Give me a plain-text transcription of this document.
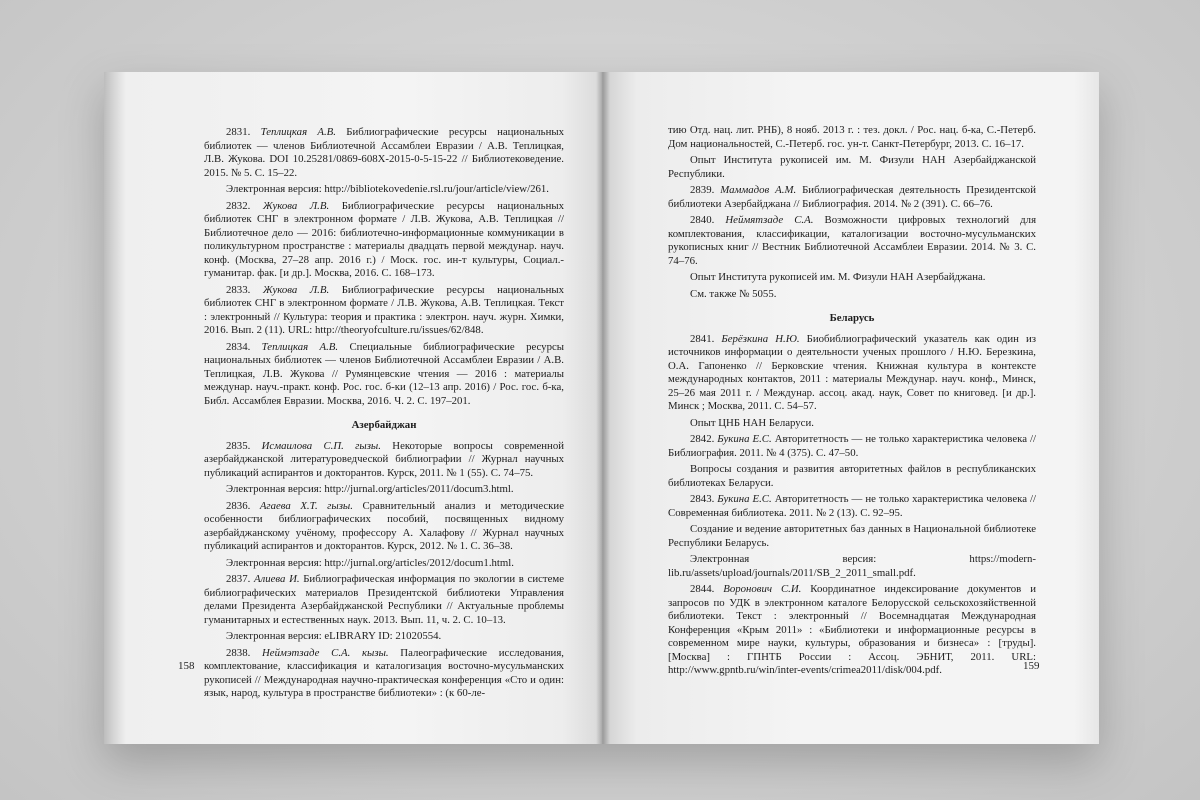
2831. Теплицкая А.В. Библиографические ресурсы национальных библиотек — членов Библиотечной Ассамблеи Евразии / А.В. Теплицкая, Л.В. Жукова. DOI 10.25281/0869-608X-2015-0-5-15-22 // Библиотековедение. 2015. № 5. С. 15–22.

Электронная версия: http://bibliotekovedenie.rsl.ru/jour/article/view/261.

2832. Жукова Л.В. Библиографические ресурсы национальных библиотек СНГ в электронном формате / Л.В. Жукова, А.В. Теплицкая // Библиотечное дело — 2016: библиотечно-информационные коммуникации в поликультурном пространстве : материалы двадцать первой междунар. науч. конф. (Москва, 27–28 апр. 2016 г.) / Моск. гос. ин-т культуры, Социал.-гуманитар. фак. [и др.]. Москва, 2016. С. 168–173.

2833. Жукова Л.В. Библиографические ресурсы национальных библиотек СНГ в электронном формате / Л.В. Жукова, А.В. Теплицкая. Текст : электронный // Культура: теория и практика : электрон. науч. журн. Химки, 2016. Вып. 2 (11). URL: http://theoryofculture.ru/issues/62/848.

2834. Теплицкая А.В. Специальные библиографические ресурсы национальных библиотек — членов Библиотечной Ассамблеи Евразии / А.В. Теплицкая, Л.В. Жукова // Румянцевские чтения — 2016 : материалы междунар. науч.-практ. конф. Рос. гос. б-ки (12–13 апр. 2016) / Рос. гос. б-ка, Библ. Ассамблея Евразии. Москва, 2016. Ч. 2. С. 197–201.

Азербайджан

2835. Исмаилова С.П. гызы. Некоторые вопросы современной азербайджанской литературоведческой библиографии // Журнал научных публикаций аспирантов и докторантов. Курск, 2011. № 1 (55). С. 74–75.

Электронная версия: http://jurnal.org/articles/2011/docum3.html.

2836. Агаева Х.Т. гызы. Сравнительный анализ и методические особенности библиографических пособий, посвященных видному азербайджанскому учёному, профессору А. Халафову // Журнал научных публикаций аспирантов и докторантов. Курск, 2012. № 1. С. 36–38.

Электронная версия: http://jurnal.org/articles/2012/docum1.html.

2837. Алиева И. Библиографическая информация по экологии в системе библиографических материалов Президентской библиотеки Управления делами Президента Азербайджанской Республики // Актуальные проблемы гуманитарных и естественных наук. 2013. Вып. 11, ч. 2. С. 10–13.

Электронная версия: eLIBRARY ID: 21020554.

2838. Неймэтзаде С.А. кызы. Палеографические исследования, комплектование, классификация и каталогизация восточно-мусульманских рукописей // Международная научно-практическая конференция «Сто и один: язык, народ, культура в пространстве библиотеки» : (к 60-ле-

158

тию Отд. нац. лит. РНБ), 8 нояб. 2013 г. : тез. докл. / Рос. нац. б-ка, С.-Петерб. Дом национальностей, С.-Петерб. гос. ун-т. Санкт-Петербург, 2013. С. 16–17.

Опыт Института рукописей им. М. Физули НАН Азербайджанской Республики.

2839. Маммадов А.М. Библиографическая деятельность Президентской библиотеки Азербайджана // Библиография. 2014. № 2 (391). С. 66–76.

2840. Неймятзаде С.А. Возможности цифровых технологий для комплектования, классификации, каталогизации восточно-мусульманских рукописных книг // Вестник Библиотечной Ассамблеи Евразии. 2014. № 3. С. 74–76.

Опыт Института рукописей им. М. Физули НАН Азербайджана.

См. также № 5055.

Беларусь

2841. Берёзкина Н.Ю. Биобиблиографический указатель как один из источников информации о деятельности ученых прошлого / Н.Ю. Березкина, О.А. Гапоненко // Берковские чтения. Книжная культура в контексте международных контактов, 2011 : материалы Междунар. науч. конф., Минск, 25–26 мая 2011 г. / Междунар. ассоц. акад. наук, Совет по книговед. [и др.]. Минск ; Москва, 2011. С. 54–57.

Опыт ЦНБ НАН Беларуси.

2842. Букина Е.С. Авторитетность — не только характеристика человека // Библиография. 2011. № 4 (375). С. 47–50.

Вопросы создания и развития авторитетных файлов в республиканских библиотеках Беларуси.

2843. Букина Е.С. Авторитетность — не только характеристика человека // Современная библиотека. 2011. № 2 (13). С. 92–95.

Создание и ведение авторитетных баз данных в Национальной библиотеке Республики Беларусь.

Электронная версия: https://modern-lib.ru/assets/upload/journals/2011/SB_2_2011_small.pdf.

2844. Воронович С.И. Координатное индексирование документов и запросов по УДК в электронном каталоге Белорусской сельскохозяйственной библиотеки. Текст : электронный // Восемнадцатая Международная Конференция «Крым 2011» : «Библиотеки и информационные ресурсы в современном мире науки, культуры, образования и бизнеса» : [труды]. [Москва] : ГПНТБ России : Ассоц. ЭБНИТ, 2011. URL: http://www.gpntb.ru/win/inter-events/crimea2011/disk/004.pdf.	159
